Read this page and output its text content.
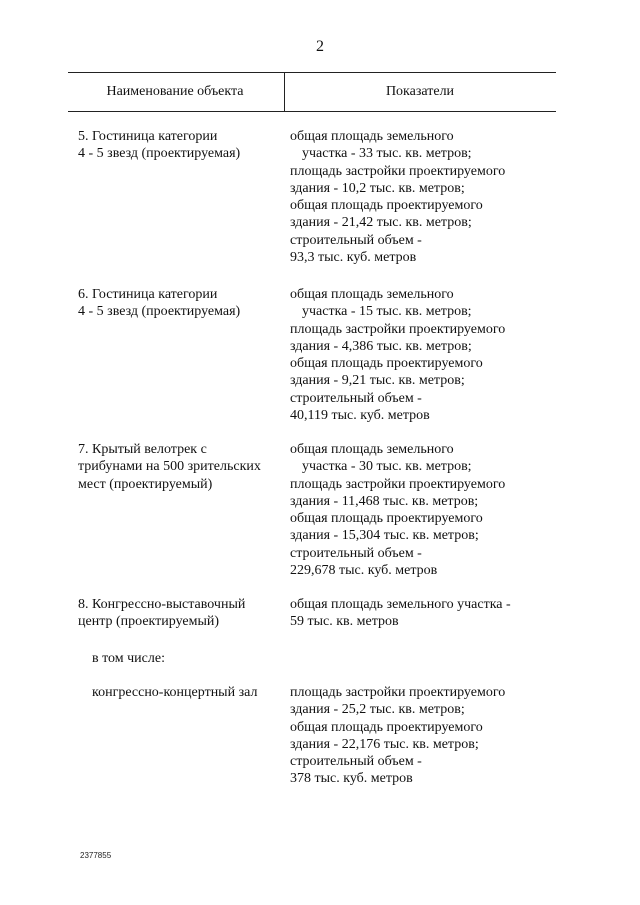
2
Наименование объекта	Показатели
5. Гостиница категории
4 - 5 звезд (проектируемая)
общая площадь земельного
участка - 33 тыс. кв. метров;
площадь застройки проектируемого
здания - 10,2 тыс. кв. метров;
общая площадь проектируемого
здания - 21,42 тыс. кв. метров;
строительный объем -
93,3 тыс. куб. метров
6. Гостиница категории
4 - 5 звезд (проектируемая)
общая площадь земельного
участка - 15 тыс. кв. метров;
площадь застройки проектируемого
здания - 4,386 тыс. кв. метров;
общая площадь проектируемого
здания - 9,21 тыс. кв. метров;
строительный объем -
40,119 тыс. куб. метров
7. Крытый велотрек с
трибунами на 500 зрительских
мест (проектируемый)
общая площадь земельного
участка - 30 тыс. кв. метров;
площадь застройки проектируемого
здания - 11,468 тыс. кв. метров;
общая площадь проектируемого
здания - 15,304 тыс. кв. метров;
строительный объем -
229,678 тыс. куб. метров
8. Конгрессно-выставочный
центр (проектируемый)
общая площадь земельного участка -
59 тыс. кв. метров
в том числе:
конгрессно-концертный зал площадь застройки проектируемого
здания - 25,2 тыс. кв. метров;
общая площадь проектируемого
здания - 22,176 тыс. кв. метров;
строительный объем -
378 тыс. куб. метров
2377855
